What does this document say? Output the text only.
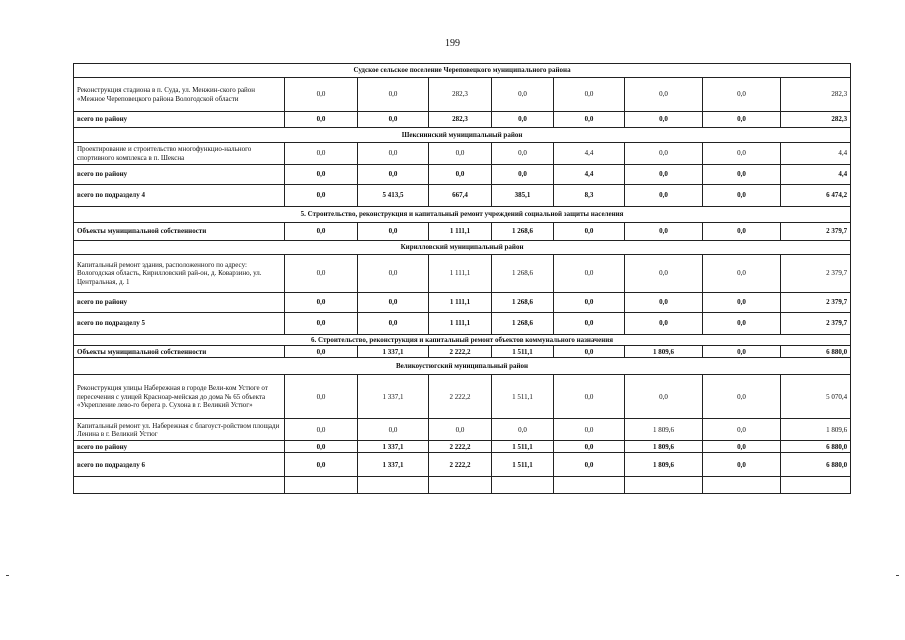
199
Судское сельское поселение Череповецкого муниципального района								
Реконструкция стадиона в п. Суда, ул. Менжин-ского район «Межное Череповецкого района Вологодской области	0,0	0,0	282,3	0,0	0,0	0,0	0,0	282,3
всего по району	0,0	0,0	282,3	0,0	0,0	0,0	0,0	282,3
Шекснинский муниципальный район								
Проектирование и строительство многофункцио-нального спортивного комплекса в п. Шексна	0,0	0,0	0,0	0,0	4,4	0,0	0,0	4,4
всего по району	0,0	0,0	0,0	0,0	4,4	0,0	0,0	4,4
всего по подразделу 4	0,0	5 413,5	667,4	385,1	8,3	0,0	0,0	6 474,2
5. Строительство, реконструкция и капитальный ремонт учреждений социальной защиты населения								
Объекты муниципальной собственности	0,0	0,0	1 111,1	1 268,6	0,0	0,0	0,0	2 379,7
Кирилловский муниципальный район								
Капитальный ремонт здания, расположенного по адресу: Вологодская область, Кирилловский рай-он, д. Коварзино, ул. Центральная, д. 1	0,0	0,0	1 111,1	1 268,6	0,0	0,0	0,0	2 379,7
всего по району	0,0	0,0	1 111,1	1 268,6	0,0	0,0	0,0	2 379,7
всего по подразделу 5	0,0	0,0	1 111,1	1 268,6	0,0	0,0	0,0	2 379,7
6. Строительство, реконструкция и капитальный ремонт объектов коммунального назначения								
Объекты муниципальной собственности	0,0	1 337,1	2 222,2	1 511,1	0,0	1 809,6	0,0	6 880,0
Великоустюгский муниципальный район								
Реконструкция улицы Набережная в городе Вели-ком Устюге от пересечения с улицей Краснoар-мейская до дома № 65 объекта «Укрепление лево-го берега р. Сухона в г. Великий Устюг»	0,0	1 337,1	2 222,2	1 511,1	0,0	0,0	0,0	5 070,4
Капитальный ремонт ул. Набережная с благоуст-ройством площади Ленина в г. Великий Устюг	0,0	0,0	0,0	0,0	0,0	1 809,6	0,0	1 809,6
всего по району	0,0	1 337,1	2 222,2	1 511,1	0,0	1 809,6	0,0	6 880,0
всего по подразделу 6	0,0	1 337,1	2 222,2	1 511,1	0,0	1 809,6	0,0	6 880,0
